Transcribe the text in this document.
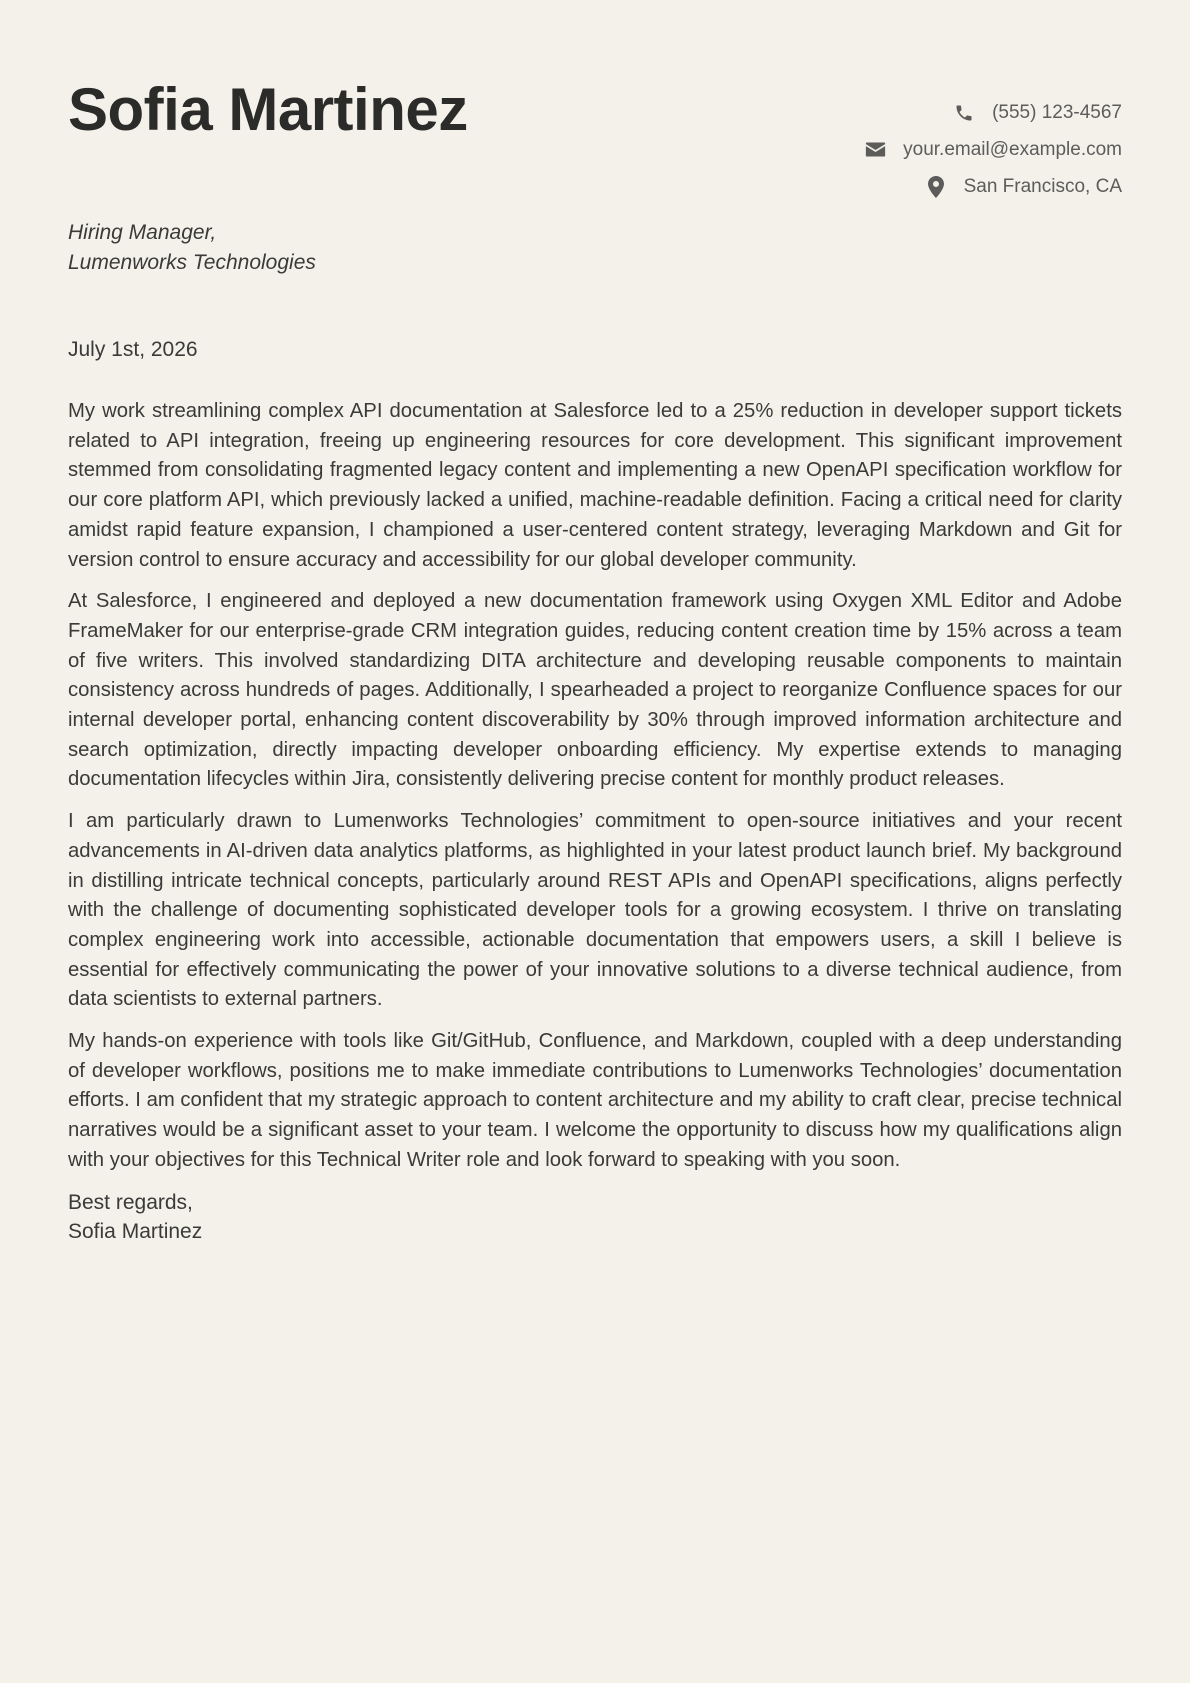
Sofia Martinez	(555) 123-4567
your.email@example.com
San Francisco, CA
Hiring Manager,
Lumenworks Technologies
July 1st, 2026

My work streamlining complex API documentation at Salesforce led to a 25% reduction in developer support tickets related to API integration, freeing up engineering resources for core development. This significant improvement stemmed from consolidating fragmented legacy content and implementing a new OpenAPI specification workflow for our core platform API, which previously lacked a unified, machine-readable definition. Facing a critical need for clarity amidst rapid feature expansion, I championed a user-centered content strategy, leveraging Markdown and Git for version control to ensure accuracy and accessibility for our global developer community.

At Salesforce, I engineered and deployed a new documentation framework using Oxygen XML Editor and Adobe FrameMaker for our enterprise-grade CRM integration guides, reducing content creation time by 15% across a team of five writers. This involved standardizing DITA architecture and developing reusable components to maintain consistency across hundreds of pages. Additionally, I spearheaded a project to reorganize Confluence spaces for our internal developer portal, enhancing content discoverability by 30% through improved information architecture and search optimization, directly impacting developer onboarding efficiency. My expertise extends to managing documentation lifecycles within Jira, consistently delivering precise content for monthly product releases.

I am particularly drawn to Lumenworks Technologies’ commitment to open-source initiatives and your recent advancements in AI-driven data analytics platforms, as highlighted in your latest product launch brief. My background in distilling intricate technical concepts, particularly around REST APIs and OpenAPI specifications, aligns perfectly with the challenge of documenting sophisticated developer tools for a growing ecosystem. I thrive on translating complex engineering work into accessible, actionable documentation that empowers users, a skill I believe is essential for effectively communicating the power of your innovative solutions to a diverse technical audience, from data scientists to external partners.

My hands-on experience with tools like Git/GitHub, Confluence, and Markdown, coupled with a deep understanding of developer workflows, positions me to make immediate contributions to Lumenworks Technologies’ documentation efforts. I am confident that my strategic approach to content architecture and my ability to craft clear, precise technical narratives would be a significant asset to your team. I welcome the opportunity to discuss how my qualifications align with your objectives for this Technical Writer role and look forward to speaking with you soon.

Best regards,
Sofia Martinez
